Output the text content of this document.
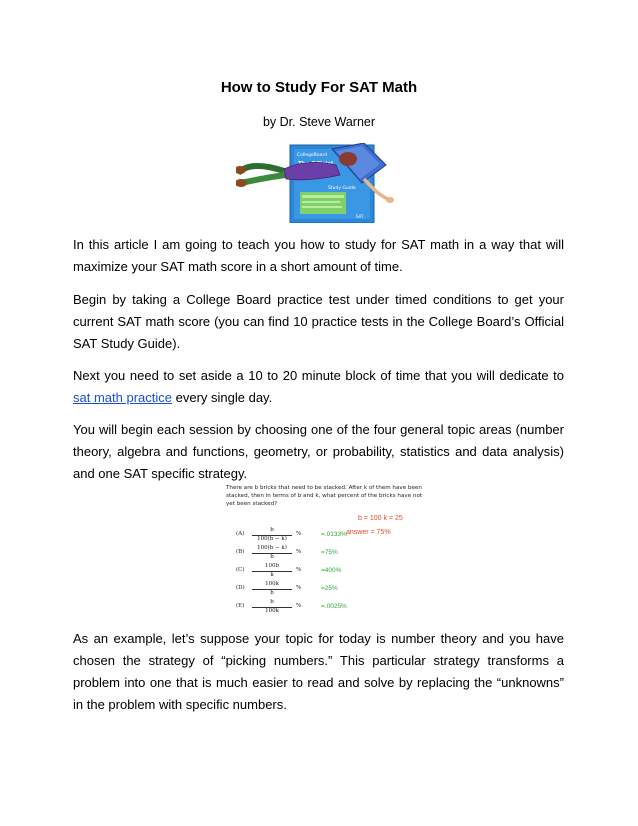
How to Study For SAT Math
by Dr. Steve Warner
CollegeBoard
Study Guide
SAT

In this article I am going to teach you how to study for SAT math in a way that will maximize your SAT math score in a short amount of time.

Begin by taking a College Board practice test under timed conditions to get your current SAT math score (you can find 10 practice tests in the College Board’s Official SAT Study Guide).

Next you need to set aside a 10 to 20 minute block of time that you will dedicate to sat math practice every single day.

You will begin each session by choosing one of the four general topic areas (number theory, algebra and functions, geometry, or probability, statistics and data analysis) and one SAT specific strategy.

There are b bricks that need to be stacked. After k of them have been stacked, then in terms of b and k, what percent of the bricks have not yet been stacked?
b = 100 k = 25
answer = 75%
(A)
b
100(b − k)
%	=.0133%
(B)
100(b − k)
b
%	=75%
(C)
100b
k
%	=400%
(D)
100k
b
%	=25%
(E)
b
100k
%	=.0025%

As an example, let’s suppose your topic for today is number theory and you have chosen the strategy of “picking numbers.” This particular strategy transforms a problem into one that is much easier to read and solve by replacing the “unknowns” in the problem with specific numbers.
